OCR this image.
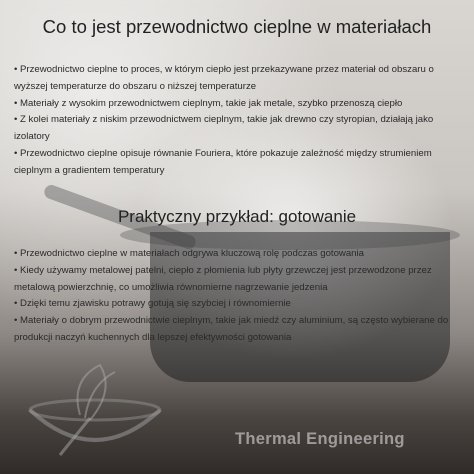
Co to jest przewodnictwo cieplne w materiałach
• Przewodnictwo cieplne to proces, w którym ciepło jest przekazywane przez materiał od obszaru o wyższej temperaturze do obszaru o niższej temperaturze
• Materiały z wysokim przewodnictwem cieplnym, takie jak metale, szybko przenoszą ciepło
• Z kolei materiały z niskim przewodnictwem cieplnym, takie jak drewno czy styropian, działają jako izolatory
• Przewodnictwo cieplne opisuje równanie Fouriera, które pokazuje zależność między strumieniem cieplnym a gradientem temperatury
Praktyczny przykład: gotowanie
• Przewodnictwo cieplne w materiałach odgrywa kluczową rolę podczas gotowania
• Kiedy używamy metalowej patelni, ciepło z płomienia lub płyty grzewczej jest przewodzone przez metalową powierzchnię, co umożliwia równomierne nagrzewanie jedzenia
• Dzięki temu zjawisku potrawy gotują się szybciej i równomiernie
• Materiały o dobrym przewodnictwie cieplnym, takie jak miedź czy aluminium, są często wybierane do produkcji naczyń kuchennych dla lepszej efektywności gotowania
Thermal Engineering
